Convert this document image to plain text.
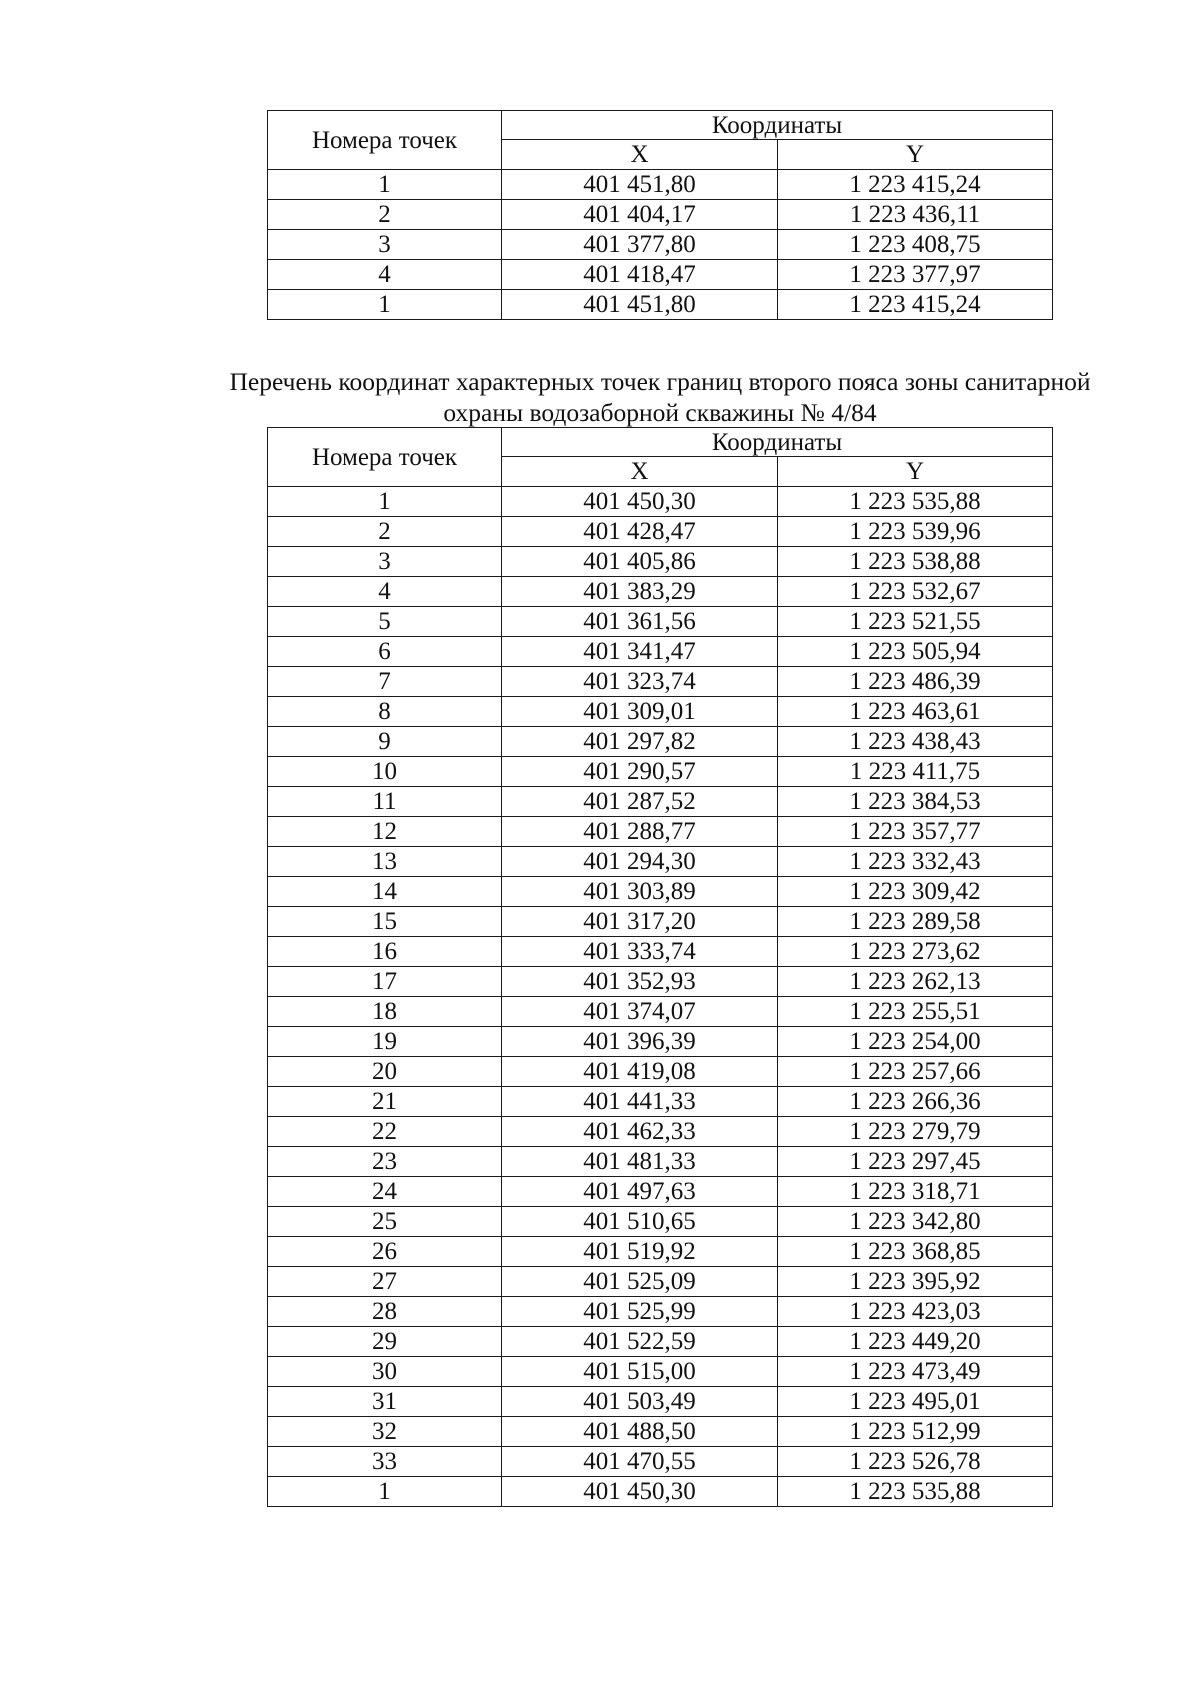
Номера точек	Координаты	
	X	Y
1	401 451,80	1 223 415,24
2	401 404,17	1 223 436,11
3	401 377,80	1 223 408,75
4	401 418,47	1 223 377,97
1	401 451,80	1 223 415,24
Перечень координат характерных точек границ второго пояса зоны санитарной
охраны водозаборной скважины № 4/84
Номера точек	Координаты	
	X	Y
1	401 450,30	1 223 535,88
2	401 428,47	1 223 539,96
3	401 405,86	1 223 538,88
4	401 383,29	1 223 532,67
5	401 361,56	1 223 521,55
6	401 341,47	1 223 505,94
7	401 323,74	1 223 486,39
8	401 309,01	1 223 463,61
9	401 297,82	1 223 438,43
10	401 290,57	1 223 411,75
11	401 287,52	1 223 384,53
12	401 288,77	1 223 357,77
13	401 294,30	1 223 332,43
14	401 303,89	1 223 309,42
15	401 317,20	1 223 289,58
16	401 333,74	1 223 273,62
17	401 352,93	1 223 262,13
18	401 374,07	1 223 255,51
19	401 396,39	1 223 254,00
20	401 419,08	1 223 257,66
21	401 441,33	1 223 266,36
22	401 462,33	1 223 279,79
23	401 481,33	1 223 297,45
24	401 497,63	1 223 318,71
25	401 510,65	1 223 342,80
26	401 519,92	1 223 368,85
27	401 525,09	1 223 395,92
28	401 525,99	1 223 423,03
29	401 522,59	1 223 449,20
30	401 515,00	1 223 473,49
31	401 503,49	1 223 495,01
32	401 488,50	1 223 512,99
33	401 470,55	1 223 526,78
1	401 450,30	1 223 535,88
